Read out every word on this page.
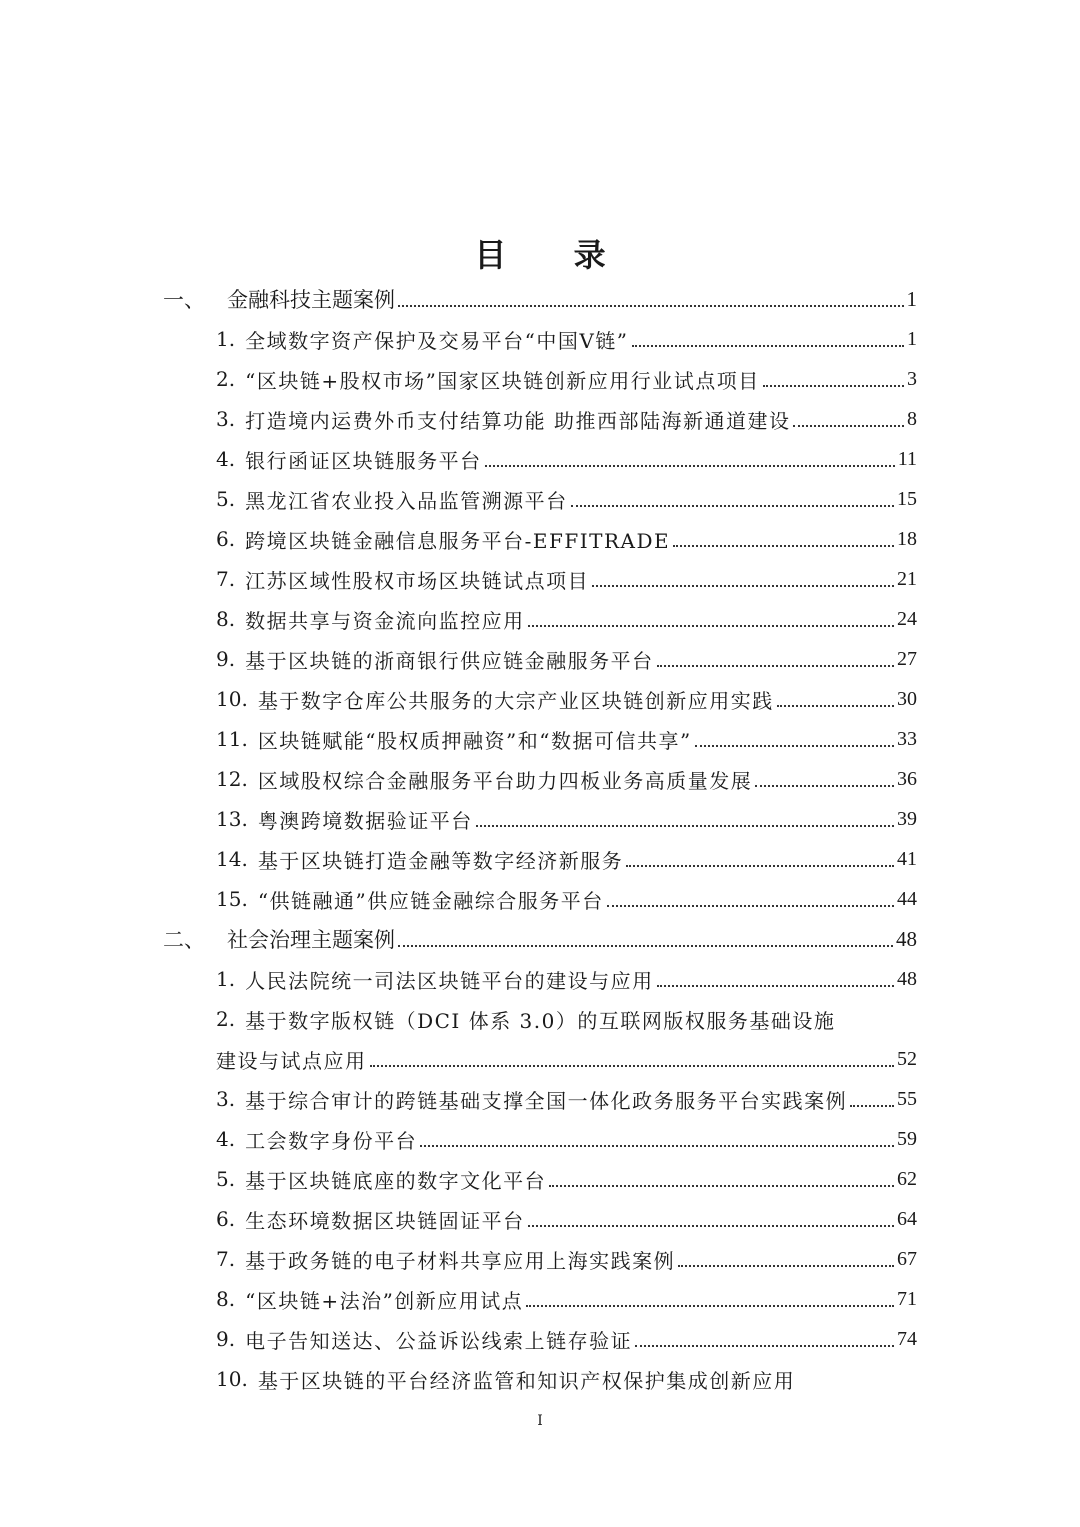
目 录
一、	金融科技主题案例	1
1. 全域数字资产保护及交易平台“中国V链”	1
2. “区块链+股权市场”国家区块链创新应用行业试点项目	3
3. 打造境内运费外币支付结算功能 助推西部陆海新通道建设	8
4. 银行函证区块链服务平台	11
5. 黑龙江省农业投入品监管溯源平台	15
6. 跨境区块链金融信息服务平台-EFFITRADE	18
7. 江苏区域性股权市场区块链试点项目	21
8. 数据共享与资金流向监控应用	24
9. 基于区块链的浙商银行供应链金融服务平台	27
10. 基于数字仓库公共服务的大宗产业区块链创新应用实践	30
11. 区块链赋能“股权质押融资”和“数据可信共享”	33
12. 区域股权综合金融服务平台助力四板业务高质量发展	36
13. 粤澳跨境数据验证平台	39
14. 基于区块链打造金融等数字经济新服务	41
15. “供链融通”供应链金融综合服务平台	44
二、	社会治理主题案例	48
1. 人民法院统一司法区块链平台的建设与应用	48
2. 基于数字版权链（DCI 体系 3.0）的互联网版权服务基础设施
建设与试点应用	52
3. 基于综合审计的跨链基础支撑全国一体化政务服务平台实践案例 55
4. 工会数字身份平台	59
5. 基于区块链底座的数字文化平台	62
6. 生态环境数据区块链固证平台	64
7. 基于政务链的电子材料共享应用上海实践案例	67
8. “区块链+法治”创新应用试点	71
9. 电子告知送达、公益诉讼线索上链存验证	74
10. 基于区块链的平台经济监管和知识产权保护集成创新应用
I
